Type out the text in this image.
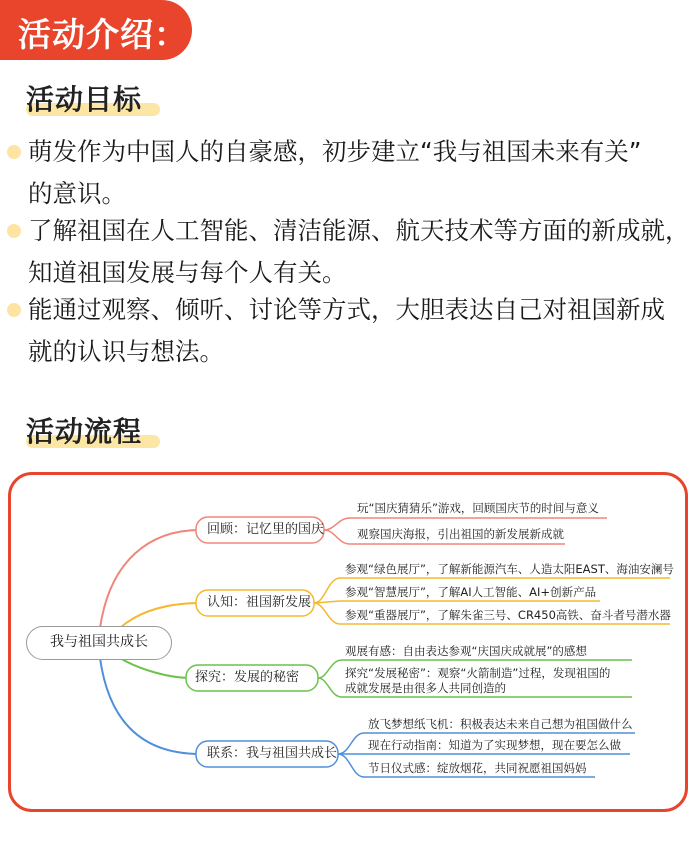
活动介绍：
活动目标
萌发作为中国人的自豪感，初步建立“我与祖国未来有关”
的意识。
了解祖国在人工智能、清洁能源、航天技术等方面的新成就，
知道祖国发展与每个人有关。
能通过观察、倾听、讨论等方式，大胆表达自己对祖国新成
就的认识与想法。
活动流程
我与祖国共成长
回顾：记忆里的国庆
认知：祖国新发展
探究：发展的秘密
联系：我与祖国共成长
玩“国庆猜猜乐”游戏，回顾国庆节的时间与意义
观察国庆海报，引出祖国的新发展新成就
参观“绿色展厅”，了解新能源汽车、人造太阳EAST、海油安澜号
参观“智慧展厅”，了解AI人工智能、AI+创新产品
参观“重器展厅”，了解朱雀三号、CR450高铁、奋斗者号潜水器
观展有感：自由表达参观“庆国庆成就展”的感想
探究“发展秘密”：观察“火箭制造”过程，发现祖国的
成就发展是由很多人共同创造的
放飞梦想纸飞机：积极表达未来自己想为祖国做什么
现在行动指南：知道为了实现梦想，现在要怎么做
节日仪式感：绽放烟花，共同祝愿祖国妈妈
